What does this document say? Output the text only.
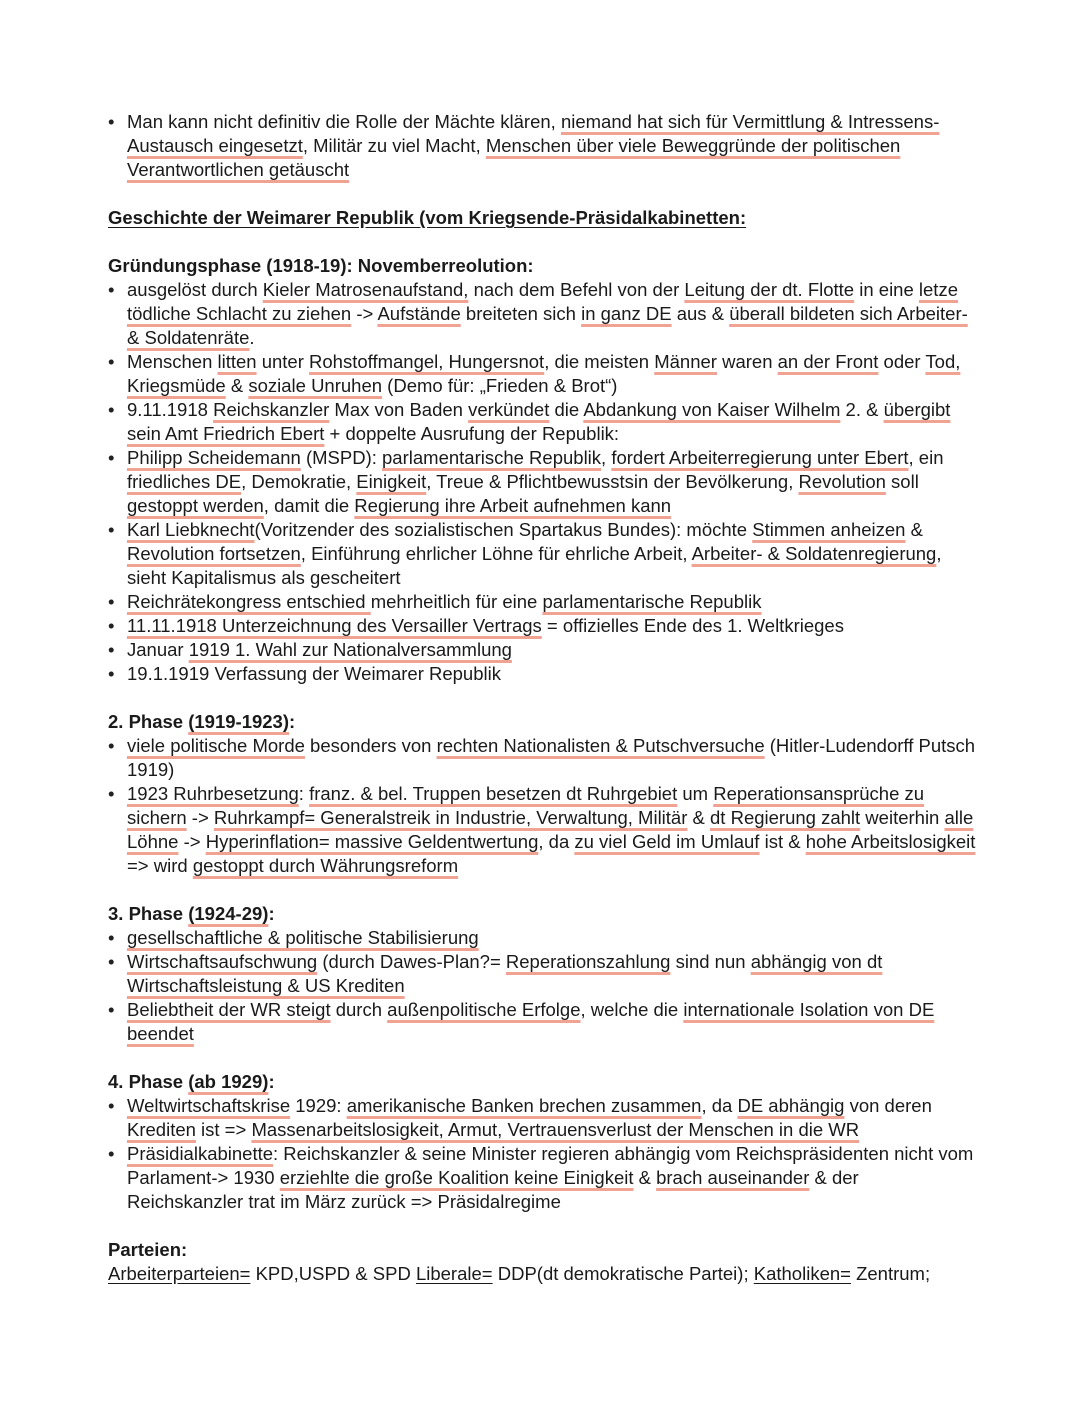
• Man kann nicht definitiv die Rolle der Mächte klären, niemand hat sich für Vermittlung & Intressens-Austausch eingesetzt, Militär zu viel Macht, Menschen über viele Beweggründe der politischen Verantwortlichen getäuscht
Geschichte der Weimarer Republik (vom Kriegsende-Präsidalkabinetten:
Gründungsphase (1918-19): Novemberreolution:
• ausgelöst durch Kieler Matrosenaufstand, nach dem Befehl von der Leitung der dt. Flotte in eine letze tödliche Schlacht zu ziehen -> Aufstände breiteten sich in ganz DE aus & überall bildeten sich Arbeiter- & Soldatenräte.
• Menschen litten unter Rohstoffmangel, Hungersnot, die meisten Männer waren an der Front oder Tod, Kriegsmüde & soziale Unruhen (Demo für: „Frieden & Brot“)
• 9.11.1918 Reichskanzler Max von Baden verkündet die Abdankung von Kaiser Wilhelm 2. & übergibt sein Amt Friedrich Ebert + doppelte Ausrufung der Republik:
• Philipp Scheidemann (MSPD): parlamentarische Republik, fordert Arbeiterregierung unter Ebert, ein friedliches DE, Demokratie, Einigkeit, Treue & Pflichtbewusstsin der Bevölkerung, Revolution soll gestoppt werden, damit die Regierung ihre Arbeit aufnehmen kann
• Karl Liebknecht(Voritzender des sozialistischen Spartakus Bundes): möchte Stimmen anheizen & Revolution fortsetzen, Einführung ehrlicher Löhne für ehrliche Arbeit, Arbeiter- & Soldatenregierung, sieht Kapitalismus als gescheitert
• Reichrätekongress entschied mehrheitlich für eine parlamentarische Republik
• 11.11.1918 Unterzeichnung des Versailler Vertrags = offizielles Ende des 1. Weltkrieges
• Januar 1919 1. Wahl zur Nationalversammlung
• 19.1.1919 Verfassung der Weimarer Republik
2. Phase (1919-1923):
• viele politische Morde besonders von rechten Nationalisten & Putschversuche (Hitler-Ludendorff Putsch 1919)
• 1923 Ruhrbesetzung: franz. & bel. Truppen besetzen dt Ruhrgebiet um Reperationsansprüche zu sichern -> Ruhrkampf= Generalstreik in Industrie, Verwaltung, Militär & dt Regierung zahlt weiterhin alle Löhne -> Hyperinflation= massive Geldentwertung, da zu viel Geld im Umlauf ist & hohe Arbeitslosigkeit => wird gestoppt durch Währungsreform
3. Phase (1924-29):
• gesellschaftliche & politische Stabilisierung
• Wirtschaftsaufschwung (durch Dawes-Plan?= Reperationszahlung sind nun abhängig von dt Wirtschaftsleistung & US Krediten
• Beliebtheit der WR steigt durch außenpolitische Erfolge, welche die internationale Isolation von DE beendet
4. Phase (ab 1929):
• Weltwirtschaftskrise 1929: amerikanische Banken brechen zusammen, da DE abhängig von deren Krediten ist => Massenarbeitslosigkeit, Armut, Vertrauensverlust der Menschen in die WR
• Präsidialkabinette: Reichskanzler & seine Minister regieren abhängig vom Reichspräsidenten nicht vom Parlament-> 1930 erziehlte die große Koalition keine Einigkeit & brach auseinander & der Reichskanzler trat im März zurück => Präsidalregime
Parteien:
Arbeiterparteien= KPD,USPD & SPD Liberale= DDP(dt demokratische Partei); Katholiken= Zentrum;
